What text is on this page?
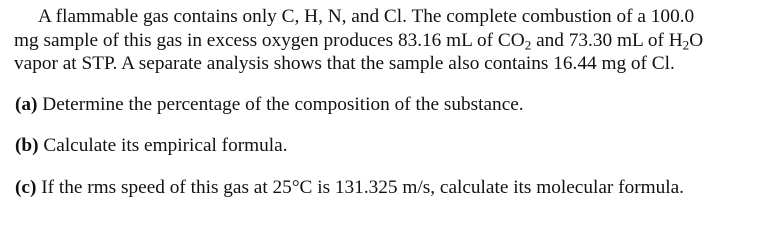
A flammable gas contains only C, H, N, and Cl. The complete combustion of a 100.0
mg sample of this gas in excess oxygen produces 83.16 mL of $CO_2$ and 73.30 mL of $H_2O$
vapor at STP. A separate analysis shows that the sample also contains 16.44 mg of Cl.

(a) Determine the percentage of the composition of the substance.

(b) Calculate its empirical formula.

(c) If the rms speed of this gas at 25°C is 131.325 m/s, calculate its molecular formula.
